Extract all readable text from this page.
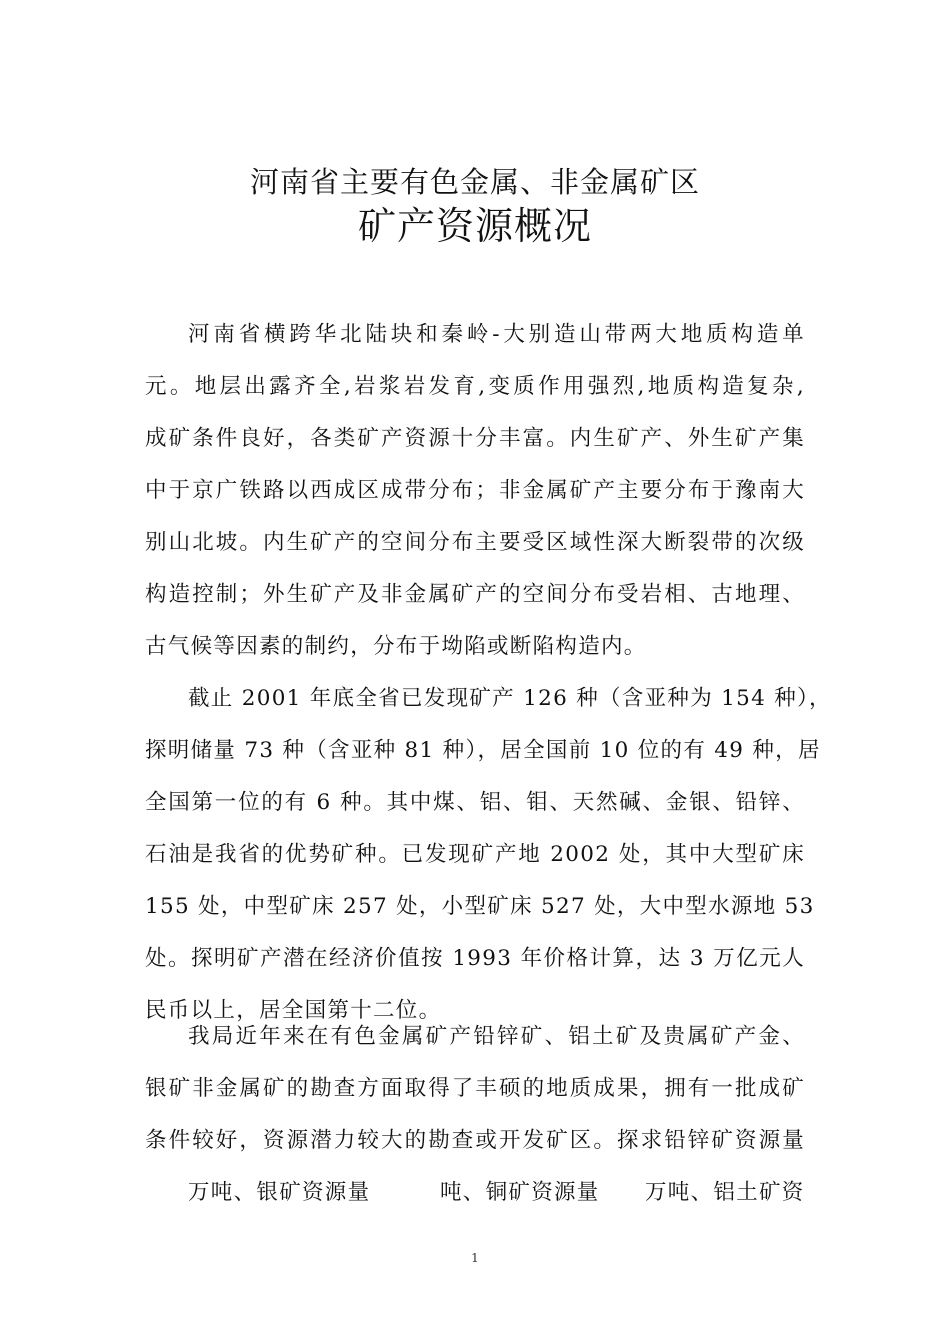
河南省主要有色金属、非金属矿区
矿产资源概况
河南省横跨华北陆块和秦岭-大别造山带两大地质构造单
元。地层出露齐全,岩浆岩发育,变质作用强烈,地质构造复杂,
成矿条件良好，各类矿产资源十分丰富。内生矿产、外生矿产集
中于京广铁路以西成区成带分布；非金属矿产主要分布于豫南大
别山北坡。内生矿产的空间分布主要受区域性深大断裂带的次级
构造控制；外生矿产及非金属矿产的空间分布受岩相、古地理、
古气候等因素的制约，分布于坳陷或断陷构造内。
截止 2001 年底全省已发现矿产 126 种（含亚种为 154 种），
探明储量 73 种（含亚种 81 种），居全国前 10 位的有 49 种，居
全国第一位的有 6 种。其中煤、铝、钼、天然碱、金银、铅锌、
石油是我省的优势矿种。已发现矿产地 2002 处，其中大型矿床
155 处，中型矿床 257 处，小型矿床 527 处，大中型水源地 53
处。探明矿产潜在经济价值按 1993 年价格计算，达 3 万亿元人
民币以上，居全国第十二位。
我局近年来在有色金属矿产铅锌矿、铝土矿及贵属矿产金、
银矿非金属矿的勘查方面取得了丰硕的地质成果，拥有一批成矿
条件较好，资源潜力较大的勘查或开发矿区。探求铅锌矿资源量
万吨、银矿资源量	吨、铜矿资源量 万吨、铝土矿资
1
